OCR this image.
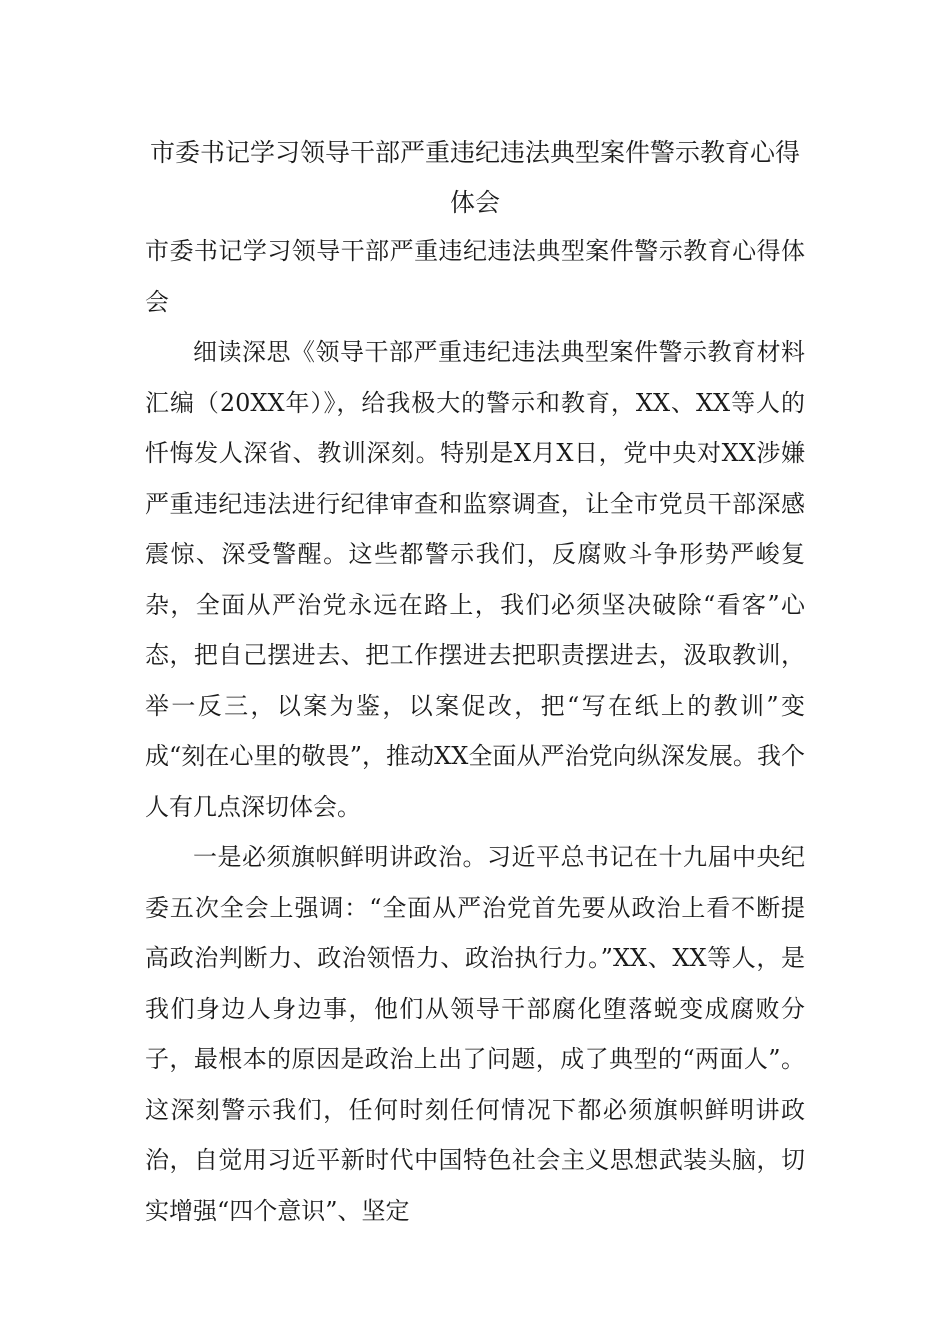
市委书记学习领导干部严重违纪违法典型案件警示教育心得体会

市委书记学习领导干部严重违纪违法典型案件警示教育心得体会

细读深思《领导干部严重违纪违法典型案件警示教育材料汇编（20XX年）》，给我极大的警示和教育，XX、XX等人的忏悔发人深省、教训深刻。特别是X月X日，党中央对XX涉嫌严重违纪违法进行纪律审查和监察调查，让全市党员干部深感震惊、深受警醒。这些都警示我们，反腐败斗争形势严峻复杂，全面从严治党永远在路上，我们必须坚决破除“看客”心态，把自己摆进去、把工作摆进去把职责摆进去，汲取教训，举一反三，以案为鉴，以案促改，把“写在纸上的教训”变成“刻在心里的敬畏”，推动XX全面从严治党向纵深发展。我个人有几点深切体会。

一是必须旗帜鲜明讲政治。习近平总书记在十九届中央纪委五次全会上强调：“全面从严治党首先要从政治上看不断提高政治判断力、政治领悟力、政治执行力。”XX、XX等人，是我们身边人身边事，他们从领导干部腐化堕落蜕变成腐败分子，最根本的原因是政治上出了问题，成了典型的“两面人”。这深刻警示我们，任何时刻任何情况下都必须旗帜鲜明讲政治，自觉用习近平新时代中国特色社会主义思想武装头脑，切实增强“四个意识”、坚定
